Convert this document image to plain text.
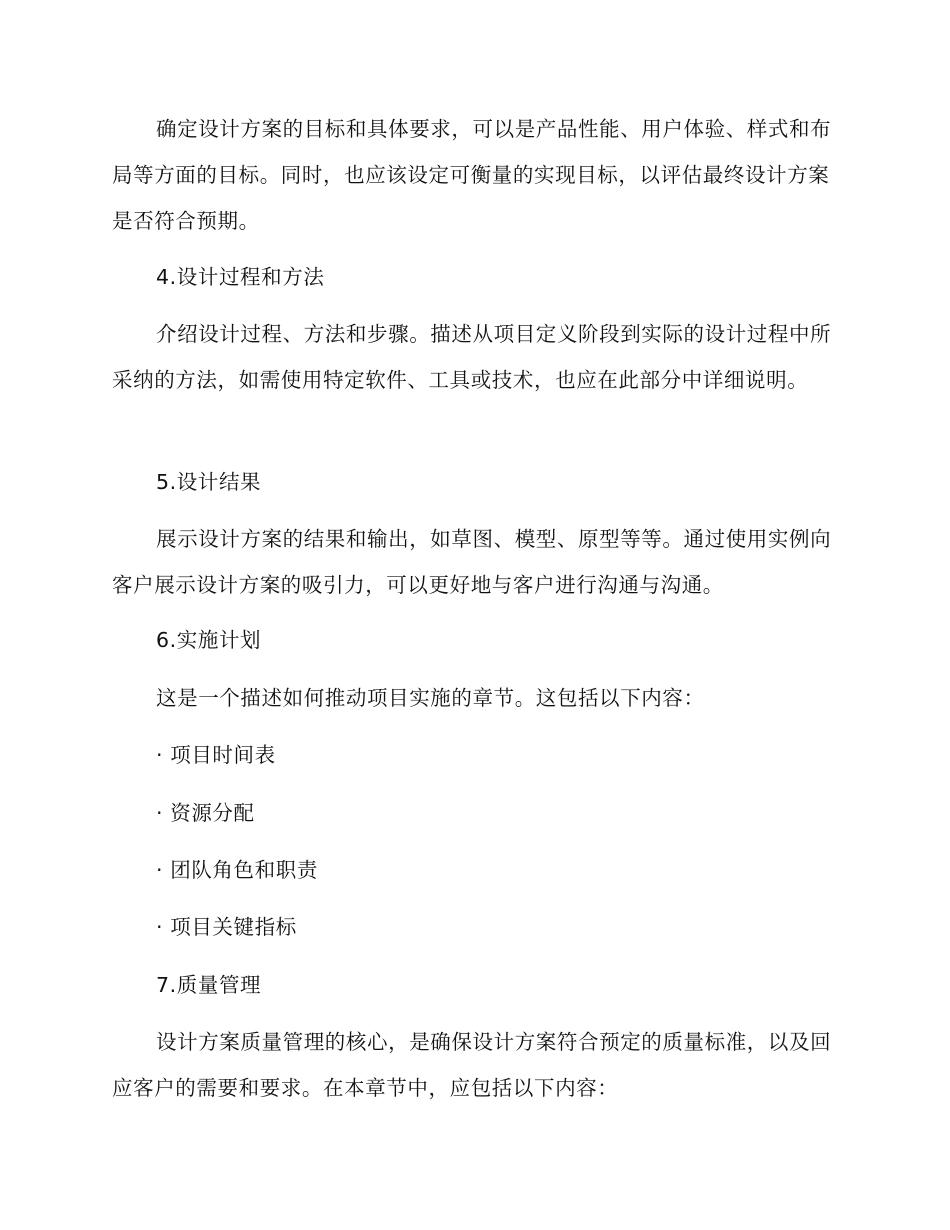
确定设计方案的目标和具体要求，可以是产品性能、用户体验、样式和布局等方面的目标。同时，也应该设定可衡量的实现目标，以评估最终设计方案是否符合预期。

4.设计过程和方法

介绍设计过程、方法和步骤。描述从项目定义阶段到实际的设计过程中所采纳的方法，如需使用特定软件、工具或技术，也应在此部分中详细说明。

5.设计结果

展示设计方案的结果和输出，如草图、模型、原型等等。通过使用实例向客户展示设计方案的吸引力，可以更好地与客户进行沟通与沟通。

6.实施计划

这是一个描述如何推动项目实施的章节。这包括以下内容：

· 项目时间表

· 资源分配

· 团队角色和职责

· 项目关键指标

7.质量管理

设计方案质量管理的核心，是确保设计方案符合预定的质量标准，以及回应客户的需要和要求。在本章节中，应包括以下内容：
